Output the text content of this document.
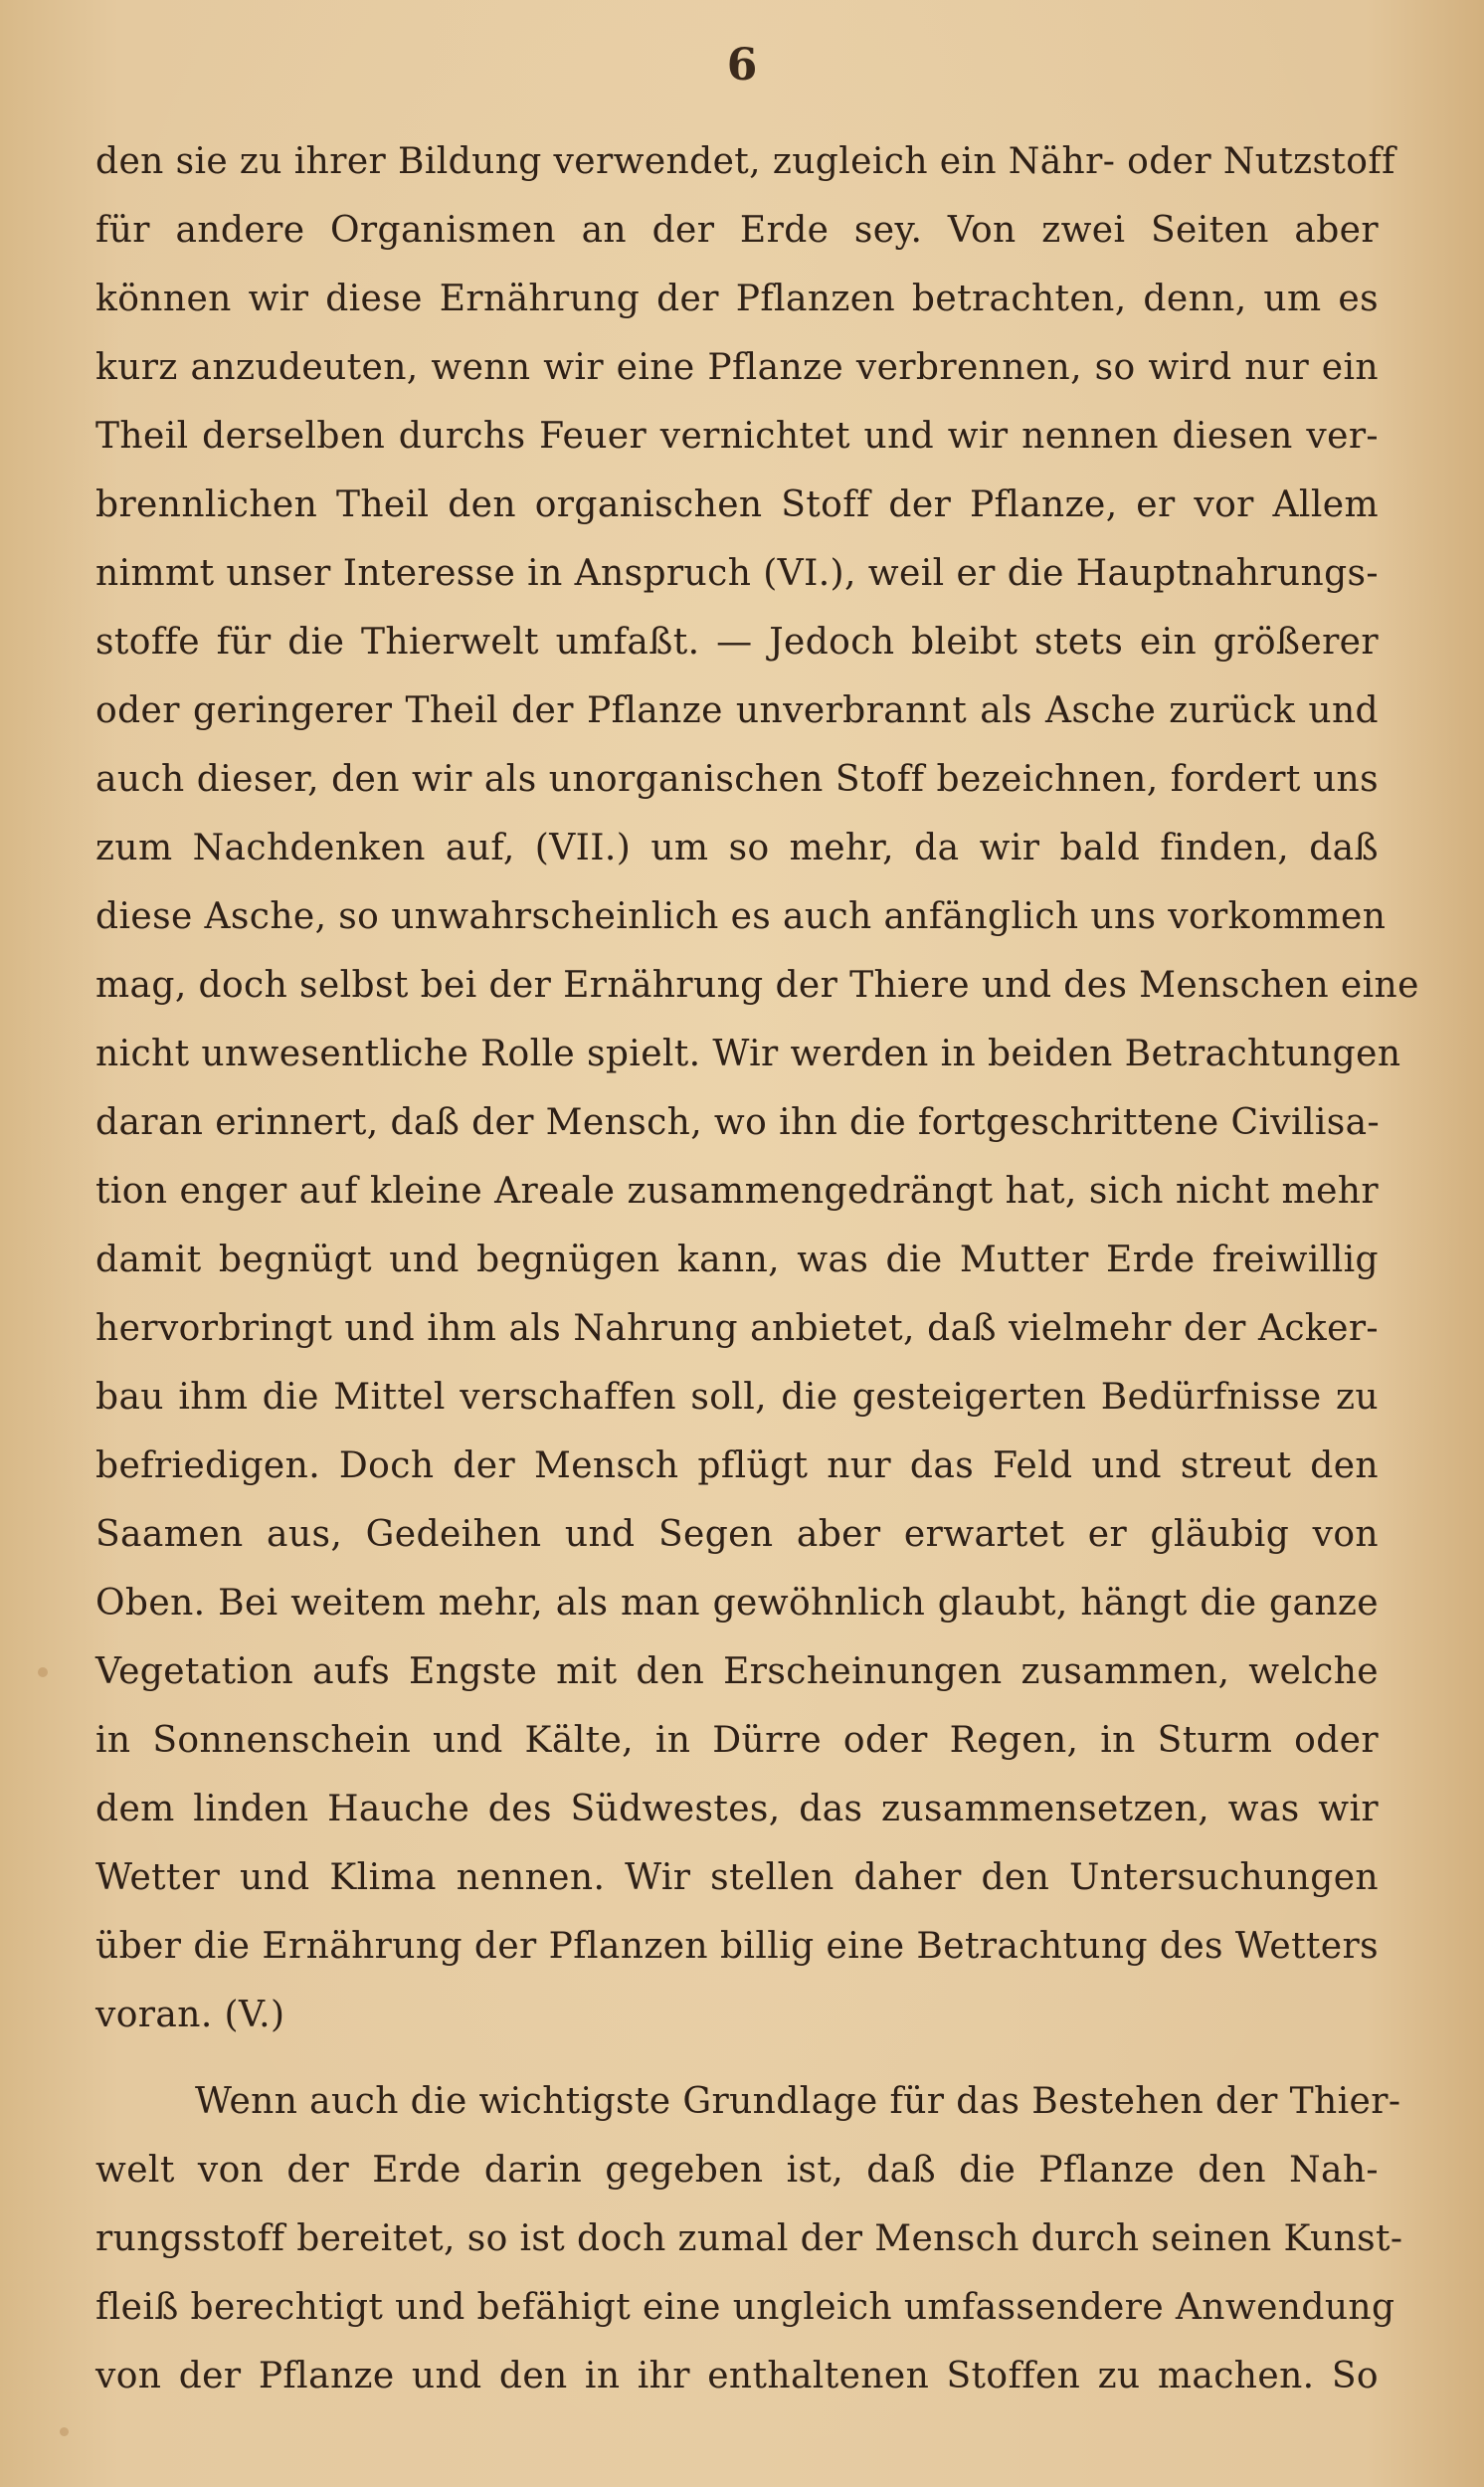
6
den sie zu ihrer Bildung verwendet, zugleich ein Nähr- oder Nutzstoff
für andere Organismen an der Erde sey. Von zwei Seiten aber
können wir diese Ernährung der Pflanzen betrachten, denn, um es
kurz anzudeuten, wenn wir eine Pflanze verbrennen, so wird nur ein
Theil derselben durchs Feuer vernichtet und wir nennen diesen ver-
brennlichen Theil den organischen Stoff der Pflanze, er vor Allem
nimmt unser Interesse in Anspruch (VI.), weil er die Hauptnahrungs-
stoffe für die Thierwelt umfaßt. — Jedoch bleibt stets ein größerer
oder geringerer Theil der Pflanze unverbrannt als Asche zurück und
auch dieser, den wir als unorganischen Stoff bezeichnen, fordert uns
zum Nachdenken auf, (VII.) um so mehr, da wir bald finden, daß
diese Asche, so unwahrscheinlich es auch anfänglich uns vorkommen
mag, doch selbst bei der Ernährung der Thiere und des Menschen eine
nicht unwesentliche Rolle spielt. Wir werden in beiden Betrachtungen
daran erinnert, daß der Mensch, wo ihn die fortgeschrittene Civilisa-
tion enger auf kleine Areale zusammengedrängt hat, sich nicht mehr
damit begnügt und begnügen kann, was die Mutter Erde freiwillig
hervorbringt und ihm als Nahrung anbietet, daß vielmehr der Acker-
bau ihm die Mittel verschaffen soll, die gesteigerten Bedürfnisse zu
befriedigen. Doch der Mensch pflügt nur das Feld und streut den
Saamen aus, Gedeihen und Segen aber erwartet er gläubig von
Oben. Bei weitem mehr, als man gewöhnlich glaubt, hängt die ganze
Vegetation aufs Engste mit den Erscheinungen zusammen, welche
in Sonnenschein und Kälte, in Dürre oder Regen, in Sturm oder
dem linden Hauche des Südwestes, das zusammensetzen, was wir
Wetter und Klima nennen. Wir stellen daher den Untersuchungen
über die Ernährung der Pflanzen billig eine Betrachtung des Wetters
voran. (V.)
Wenn auch die wichtigste Grundlage für das Bestehen der Thier-
welt von der Erde darin gegeben ist, daß die Pflanze den Nah-
rungsstoff bereitet, so ist doch zumal der Mensch durch seinen Kunst-
fleiß berechtigt und befähigt eine ungleich umfassendere Anwendung
von der Pflanze und den in ihr enthaltenen Stoffen zu machen. So
